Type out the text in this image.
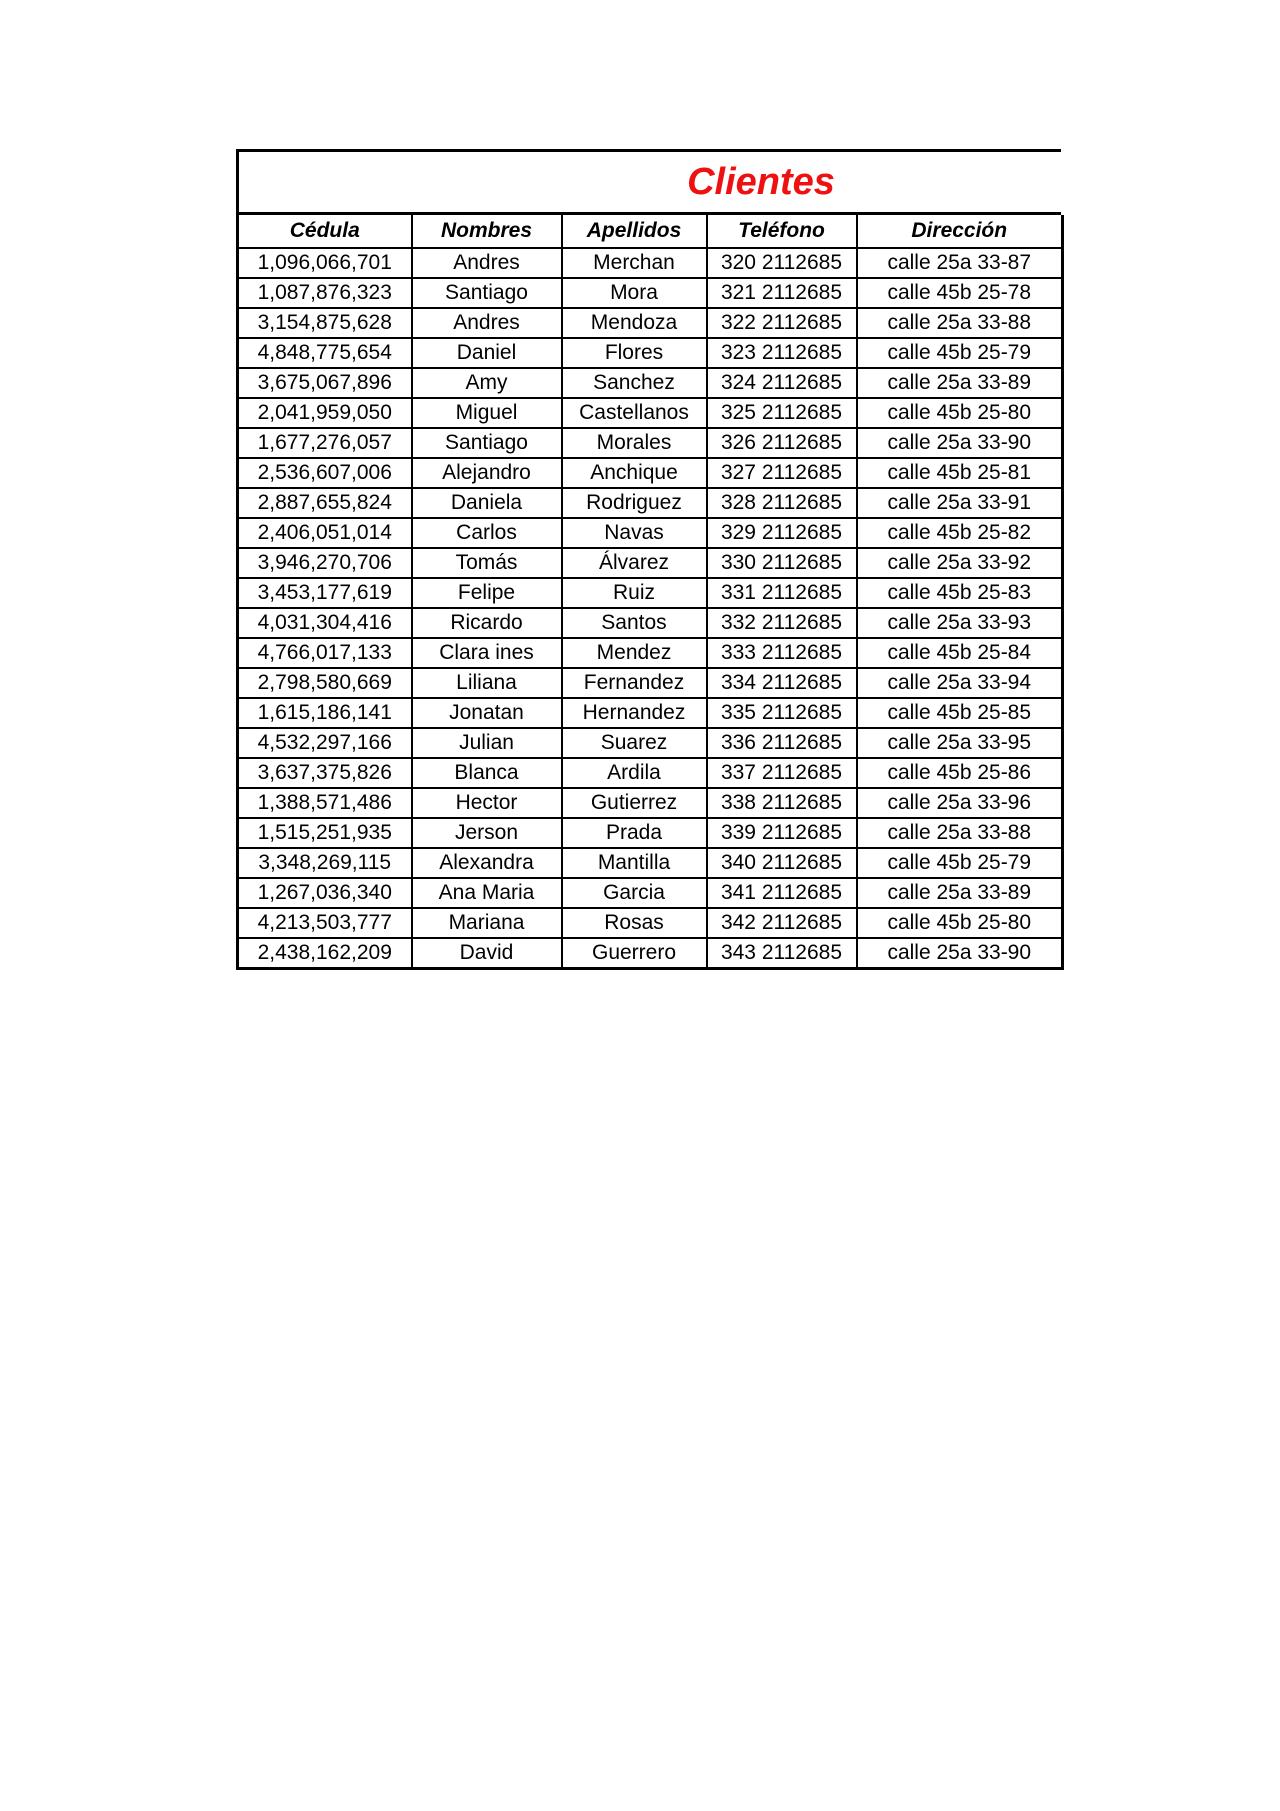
Clientes
Cédula	Nombres	Apellidos	Teléfono	Dirección
1,096,066,701	Andres	Merchan	320 2112685	calle 25a 33-87
1,087,876,323	Santiago	Mora	321 2112685	calle 45b 25-78
3,154,875,628	Andres	Mendoza	322 2112685	calle 25a 33-88
4,848,775,654	Daniel	Flores	323 2112685	calle 45b 25-79
3,675,067,896	Amy	Sanchez	324 2112685	calle 25a 33-89
2,041,959,050	Miguel	Castellanos	325 2112685	calle 45b 25-80
1,677,276,057	Santiago	Morales	326 2112685	calle 25a 33-90
2,536,607,006	Alejandro	Anchique	327 2112685	calle 45b 25-81
2,887,655,824	Daniela	Rodriguez	328 2112685	calle 25a 33-91
2,406,051,014	Carlos	Navas	329 2112685	calle 45b 25-82
3,946,270,706	Tomás	Álvarez	330 2112685	calle 25a 33-92
3,453,177,619	Felipe	Ruiz	331 2112685	calle 45b 25-83
4,031,304,416	Ricardo	Santos	332 2112685	calle 25a 33-93
4,766,017,133	Clara ines	Mendez	333 2112685	calle 45b 25-84
2,798,580,669	Liliana	Fernandez	334 2112685	calle 25a 33-94
1,615,186,141	Jonatan	Hernandez	335 2112685	calle 45b 25-85
4,532,297,166	Julian	Suarez	336 2112685	calle 25a 33-95
3,637,375,826	Blanca	Ardila	337 2112685	calle 45b 25-86
1,388,571,486	Hector	Gutierrez	338 2112685	calle 25a 33-96
1,515,251,935	Jerson	Prada	339 2112685	calle 25a 33-88
3,348,269,115	Alexandra	Mantilla	340 2112685	calle 45b 25-79
1,267,036,340	Ana Maria	Garcia	341 2112685	calle 25a 33-89
4,213,503,777	Mariana	Rosas	342 2112685	calle 45b 25-80
2,438,162,209	David	Guerrero	343 2112685	calle 25a 33-90
